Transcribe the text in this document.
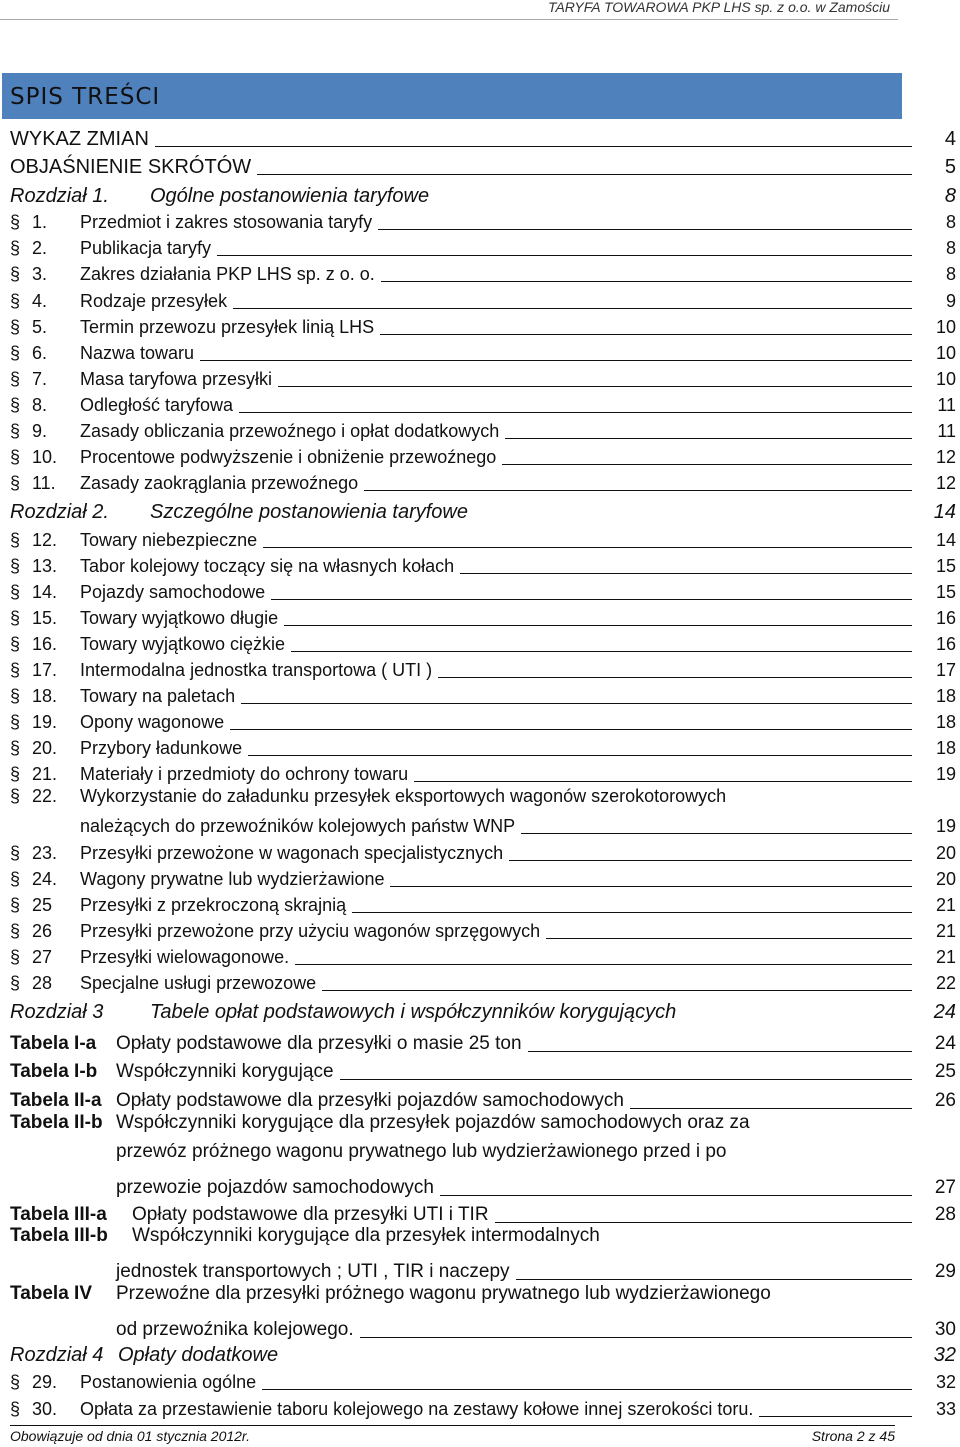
TARYFA TOWAROWA PKP LHS sp. z o.o. w Zamościu
SPIS TREŚCI
WYKAZ ZMIAN	4
OBJAŚNIENIE SKRÓTÓW	5
Rozdział 1.	Ogólne postanowienia taryfowe	8
§ 1.	Przedmiot i zakres stosowania taryfy	8
§ 2.	Publikacja taryfy	8
§ 3.	Zakres działania PKP LHS sp. z o. o.	8
§ 4.	Rodzaje przesyłek	9
§ 5.	Termin przewozu przesyłek linią LHS	10
§ 6.	Nazwa towaru	10
§ 7.	Masa taryfowa przesyłki	10
§ 8.	Odległość taryfowa	11
§ 9.	Zasady obliczania przewoźnego i opłat dodatkowych	11
§ 10.	Procentowe podwyższenie i obniżenie przewoźnego	12
§ 11.	Zasady zaokrąglania przewoźnego	12
Rozdział 2.	Szczególne postanowienia taryfowe	14
§ 12.	Towary niebezpieczne	14
§ 13.	Tabor kolejowy toczący się na własnych kołach	15
§ 14.	Pojazdy samochodowe	15
§ 15.	Towary wyjątkowo długie	16
§ 16.	Towary wyjątkowo ciężkie	16
§ 17.	Intermodalna jednostka transportowa ( UTI )	17
§ 18.	Towary na paletach	18
§ 19.	Opony wagonowe	18
§ 20.	Przybory ładunkowe	18
§ 21.	Materiały i przedmioty do ochrony towaru	19
§ 22. Wykorzystanie do załadunku przesyłek eksportowych wagonów szerokotorowych
należących do przewoźników kolejowych państw WNP	19
§ 23.	Przesyłki przewożone w wagonach specjalistycznych	20
§ 24.	Wagony prywatne lub wydzierżawione	20
§ 25	Przesyłki z przekroczoną skrajnią	21
§ 26	Przesyłki przewożone przy użyciu wagonów sprzęgowych	21
§ 27	Przesyłki wielowagonowe.	21
§ 28	Specjalne usługi przewozowe	22
Rozdział 3	Tabele opłat podstawowych i współczynników korygujących	24
Tabela I-a	Opłaty podstawowe dla przesyłki o masie 25 ton	24
Tabela I-b Współczynniki korygujące	25
Tabela II-a Opłaty podstawowe dla przesyłki pojazdów samochodowych	26
Tabela II-b Współczynniki korygujące dla przesyłek pojazdów samochodowych oraz za
przewóz próżnego wagonu prywatnego lub wydzierżawionego przed i po
przewozie pojazdów samochodowych	27
Tabela III-a	Opłaty podstawowe dla przesyłki UTI i TIR	28
Tabela III-b Współczynniki korygujące dla przesyłek intermodalnych
jednostek transportowych ; UTI , TIR i naczepy	29
Tabela IV Przewoźne dla przesyłki próżnego wagonu prywatnego lub wydzierżawionego
od przewoźnika kolejowego.	30
Rozdział 4 Opłaty dodatkowe	32
§ 29.	Postanowienia ogólne	32
§ 30.	Opłata za przestawienie taboru kolejowego na zestawy kołowe innej szerokości toru.	33
Obowiązuje od dnia 01 stycznia 2012r.	Strona 2 z 45
